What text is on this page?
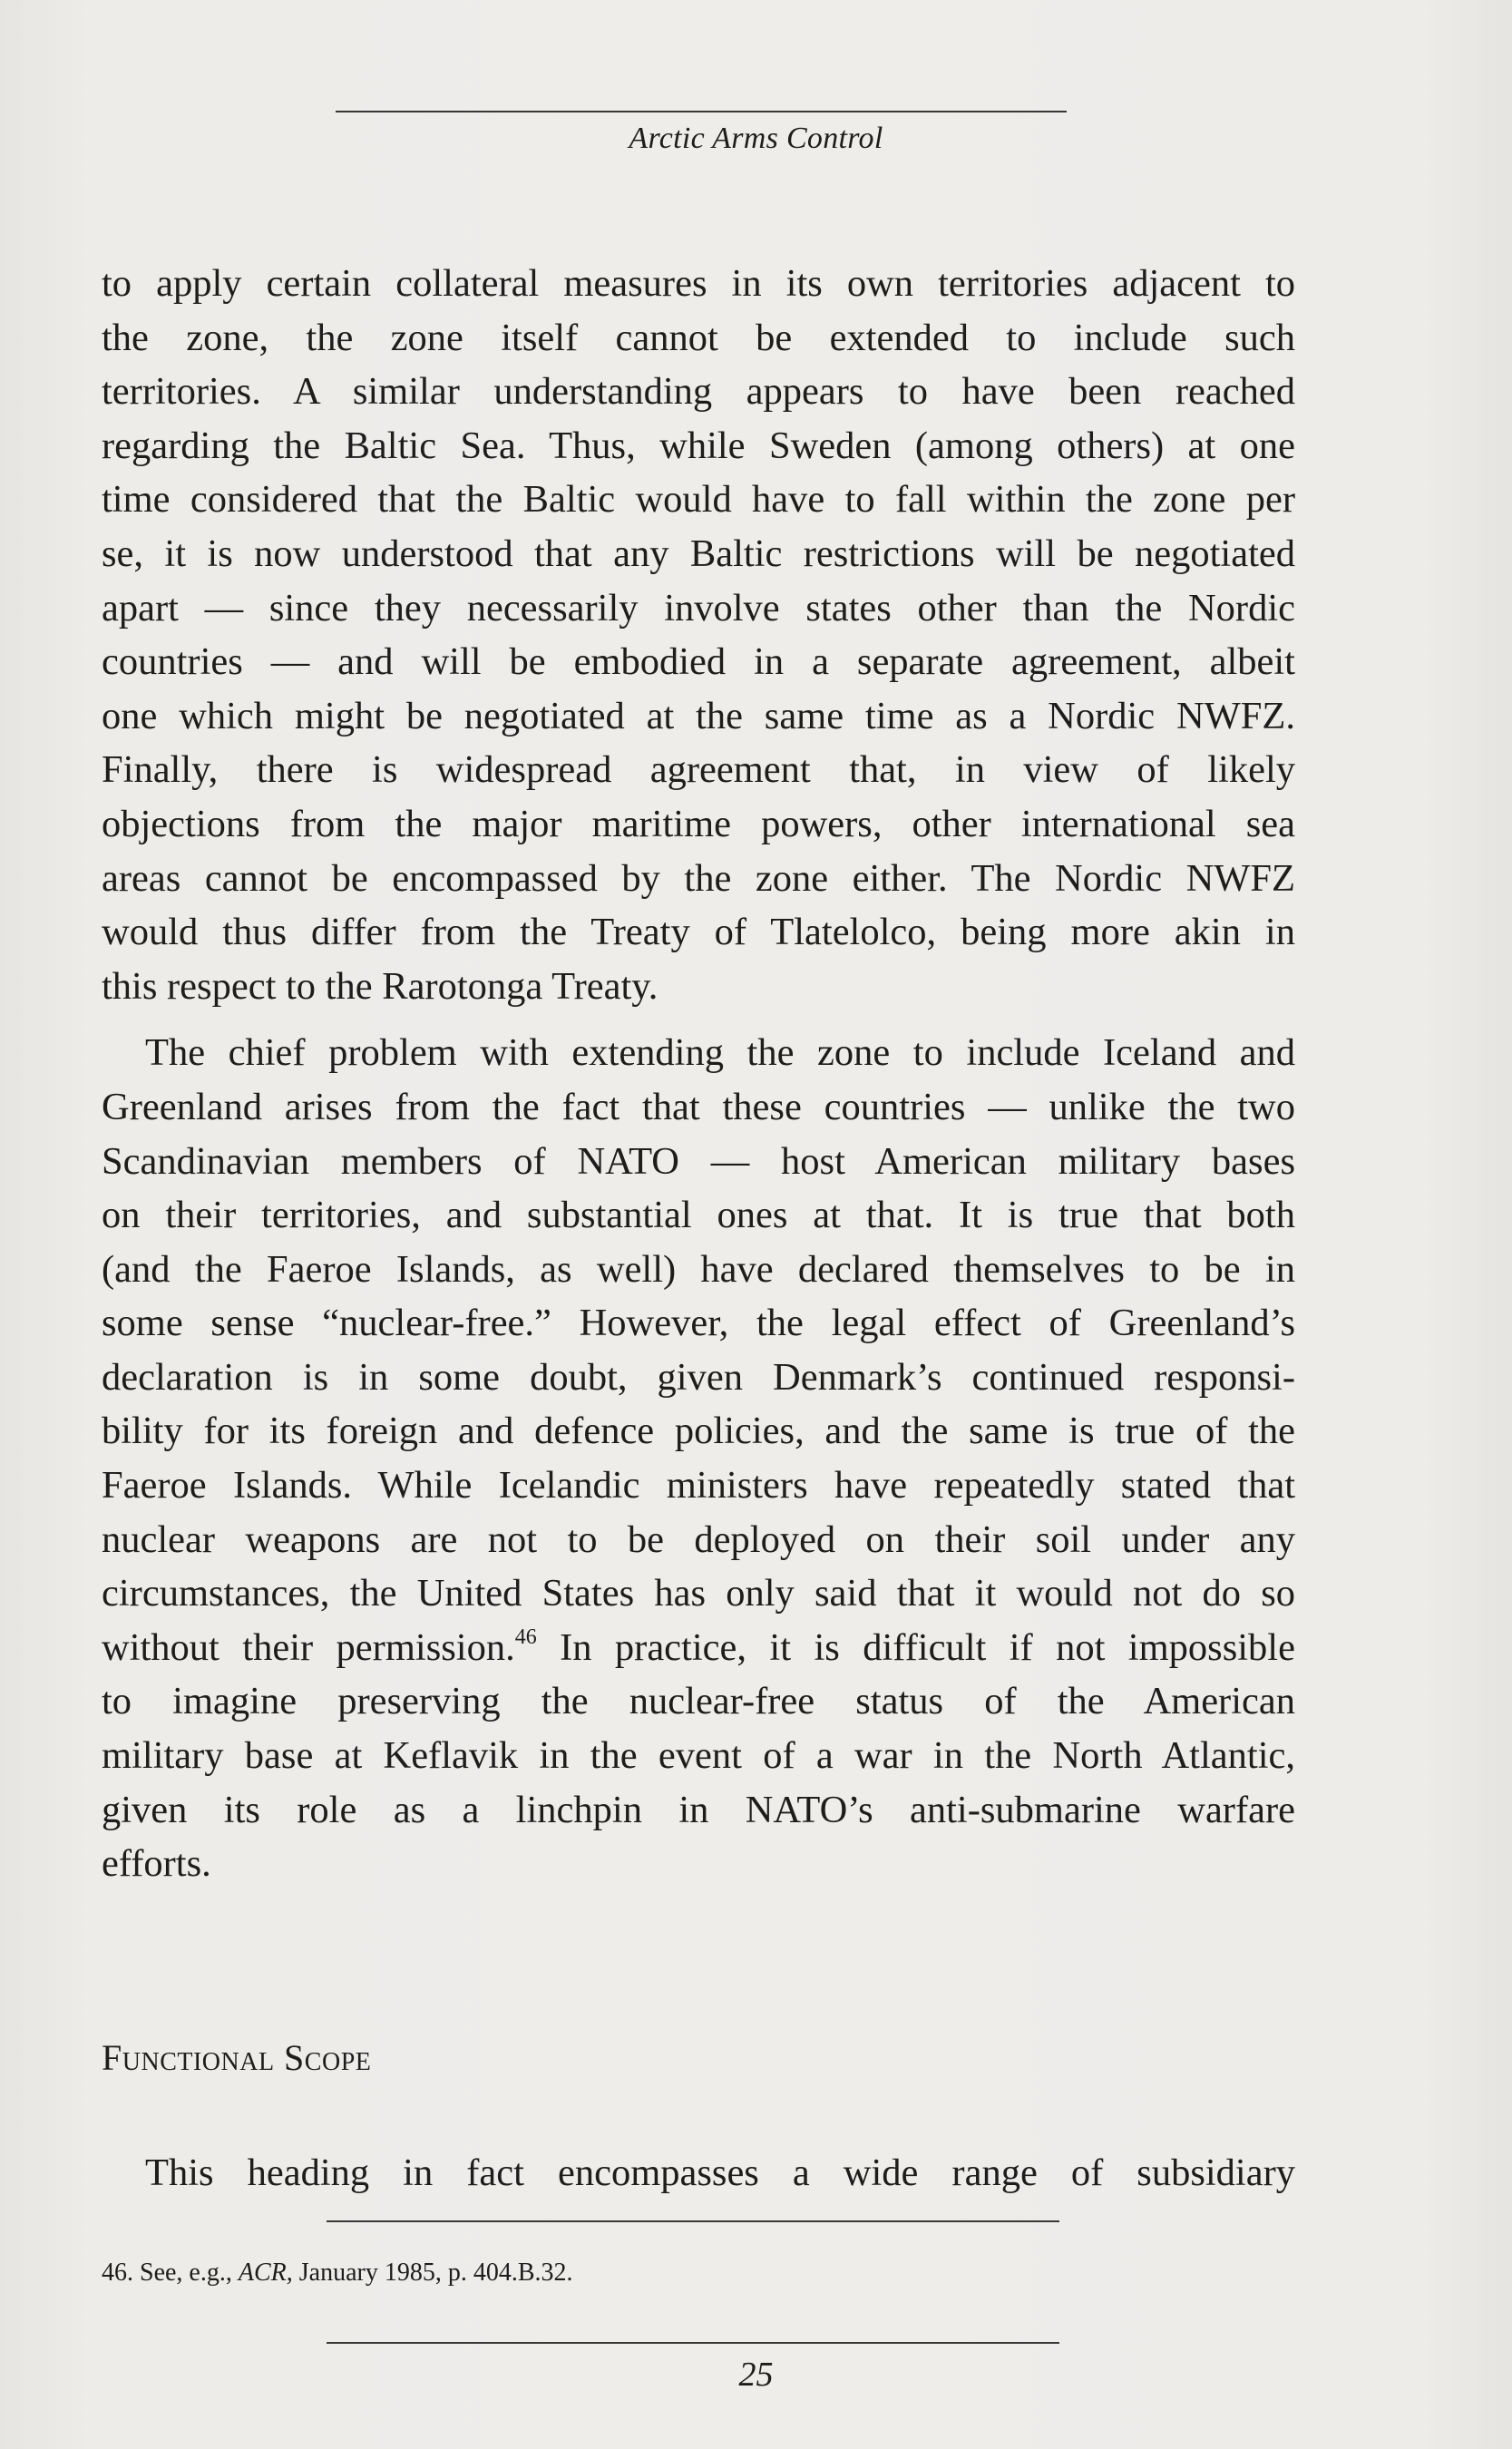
Arctic Arms Control
to apply certain collateral measures in its own territories adjacent to
the zone, the zone itself cannot be extended to include such
territories. A similar understanding appears to have been reached
regarding the Baltic Sea. Thus, while Sweden (among others) at one
time considered that the Baltic would have to fall within the zone per
se, it is now understood that any Baltic restrictions will be negotiated
apart — since they necessarily involve states other than the Nordic
countries — and will be embodied in a separate agreement, albeit
one which might be negotiated at the same time as a Nordic NWFZ.
Finally, there is widespread agreement that, in view of likely
objections from the major maritime powers, other international sea
areas cannot be encompassed by the zone either. The Nordic NWFZ
would thus differ from the Treaty of Tlatelolco, being more akin in
this respect to the Rarotonga Treaty.
The chief problem with extending the zone to include Iceland and
Greenland arises from the fact that these countries — unlike the two
Scandinavian members of NATO — host American military bases
on their territories, and substantial ones at that. It is true that both
(and the Faeroe Islands, as well) have declared themselves to be in
some sense “nuclear-free.” However, the legal effect of Greenland’s
declaration is in some doubt, given Denmark’s continued responsi-
bility for its foreign and defence policies, and the same is true of the
Faeroe Islands. While Icelandic ministers have repeatedly stated that
nuclear weapons are not to be deployed on their soil under any
circumstances, the United States has only said that it would not do so
without their permission.$^{46}$ In practice, it is difficult if not impossible
to imagine preserving the nuclear-free status of the American
military base at Keflavik in the event of a war in the North Atlantic,
given its role as a linchpin in NATO’s anti-submarine warfare
efforts.
Functional Scope
This heading in fact encompasses a wide range of subsidiary
46. See, e.g., ACR, January 1985, p. 404.B.32.
25
